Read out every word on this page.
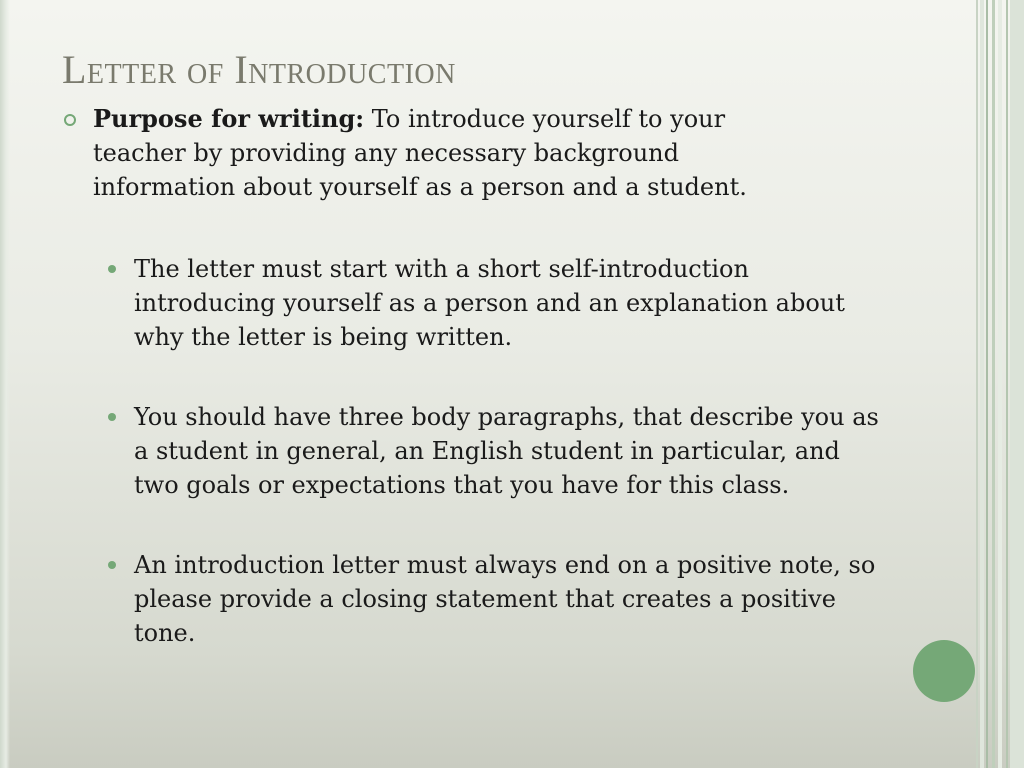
Letter of Introduction

Purpose for writing: To introduce yourself to your teacher by providing any necessary background information about yourself as a person and a student.

The letter must start with a short self-introduction introducing yourself as a person and an explanation about why the letter is being written.
You should have three body paragraphs, that describe you as a student in general, an English student in particular, and two goals or expectations that you have for this class.
An introduction letter must always end on a positive note, so please provide a closing statement that creates a positive tone.
